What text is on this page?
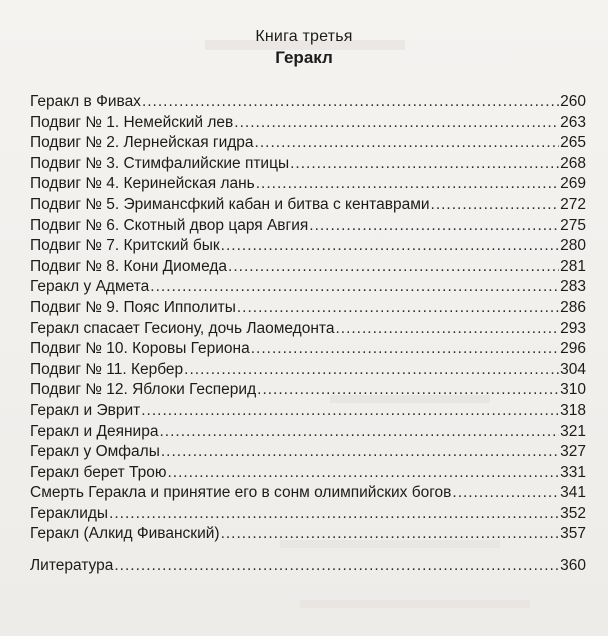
Книга третья
Геракл
Геракл в Фивах .....	260
Подвиг № 1. Немейский лев .....	263
Подвиг № 2. Лернейская гидра .....	265
Подвиг № 3. Стимфалийские птицы .....	268
Подвиг № 4. Керинейская лань .....	269
Подвиг № 5. Эримансфкий кабан и битва с кентаврами .....	272
Подвиг № 6. Скотный двор царя Авгия .....	275
Подвиг № 7. Критский бык .....	280
Подвиг № 8. Кони Диомеда .....	281
Геракл у Адмета .....	283
Подвиг № 9. Пояс Ипполиты .....	286
Геракл спасает Гесиону, дочь Лаомедонта .....	293
Подвиг № 10. Коровы Гериона .....	296
Подвиг № 11. Кербер .....	304
Подвиг № 12. Яблоки Гесперид .....	310
Геракл и Эврит .....	318
Геракл и Деянира .....	321
Геракл у Омфалы .....	327
Геракл берет Трою .....	331
Смерть Геракла и принятие его в сонм олимпийских богов .....	341
Гераклиды .....	352
Геракл (Алкид Фиванский) .....	357
Литература .....	360
